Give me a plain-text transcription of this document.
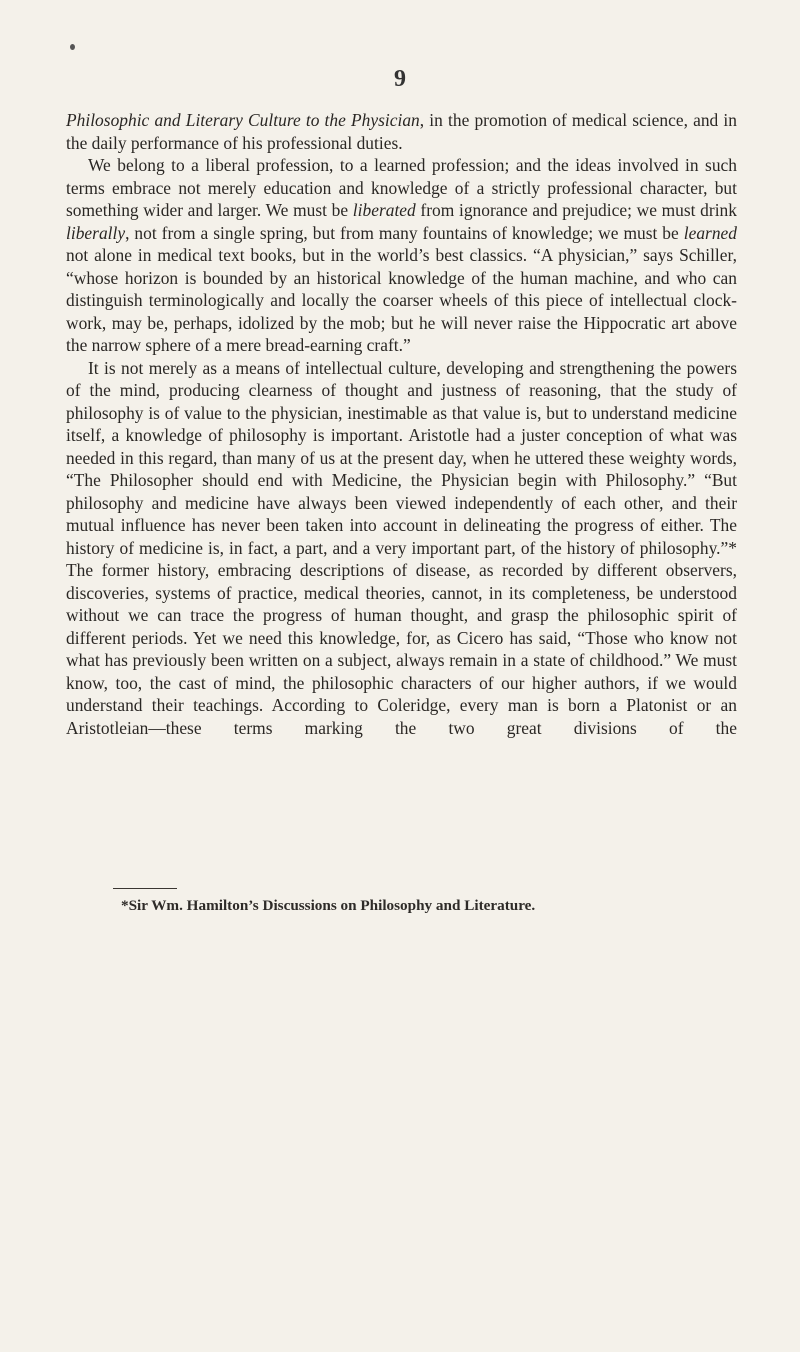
9

Philosophic and Literary Culture to the Physician, in the promotion of medical science, and in the daily performance of his professional duties.

We belong to a liberal profession, to a learned profession; and the ideas involved in such terms embrace not merely education and knowledge of a strictly professional character, but something wider and larger. We must be liberated from ignorance and prejudice; we must drink liberally, not from a single spring, but from many fountains of knowledge; we must be learned not alone in medical text books, but in the world’s best classics. “A physician,” says Schiller, “whose horizon is bounded by an historical knowledge of the human machine, and who can distinguish terminologically and locally the coarser wheels of this piece of intellectual clock-work, may be, perhaps, idolized by the mob; but he will never raise the Hippocratic art above the narrow sphere of a mere bread-earning craft.”

It is not merely as a means of intellectual culture, developing and strengthening the powers of the mind, producing clearness of thought and justness of reasoning, that the study of philosophy is of value to the physician, inestimable as that value is, but to understand medicine itself, a knowledge of philosophy is important. Aristotle had a juster conception of what was needed in this regard, than many of us at the present day, when he uttered these weighty words, “The Philosopher should end with Medicine, the Physician begin with Philosophy.” “But philosophy and medicine have always been viewed independently of each other, and their mutual influence has never been taken into account in delineating the progress of either. The history of medicine is, in fact, a part, and a very important part, of the history of philosophy.”* The former history, embracing descriptions of disease, as recorded by different observers, discoveries, systems of practice, medical theories, cannot, in its completeness, be understood without we can trace the progress of human thought, and grasp the philosophic spirit of different periods. Yet we need this knowledge, for, as Cicero has said, “Those who know not what has previously been written on a subject, always remain in a state of childhood.” We must know, too, the cast of mind, the philosophic characters of our higher authors, if we would understand their teachings. According to Coleridge, every man is born a Platonist or an Aristotleian—these terms marking the two great divisions of the

*Sir Wm. Hamilton’s Discussions on Philosophy and Literature.
